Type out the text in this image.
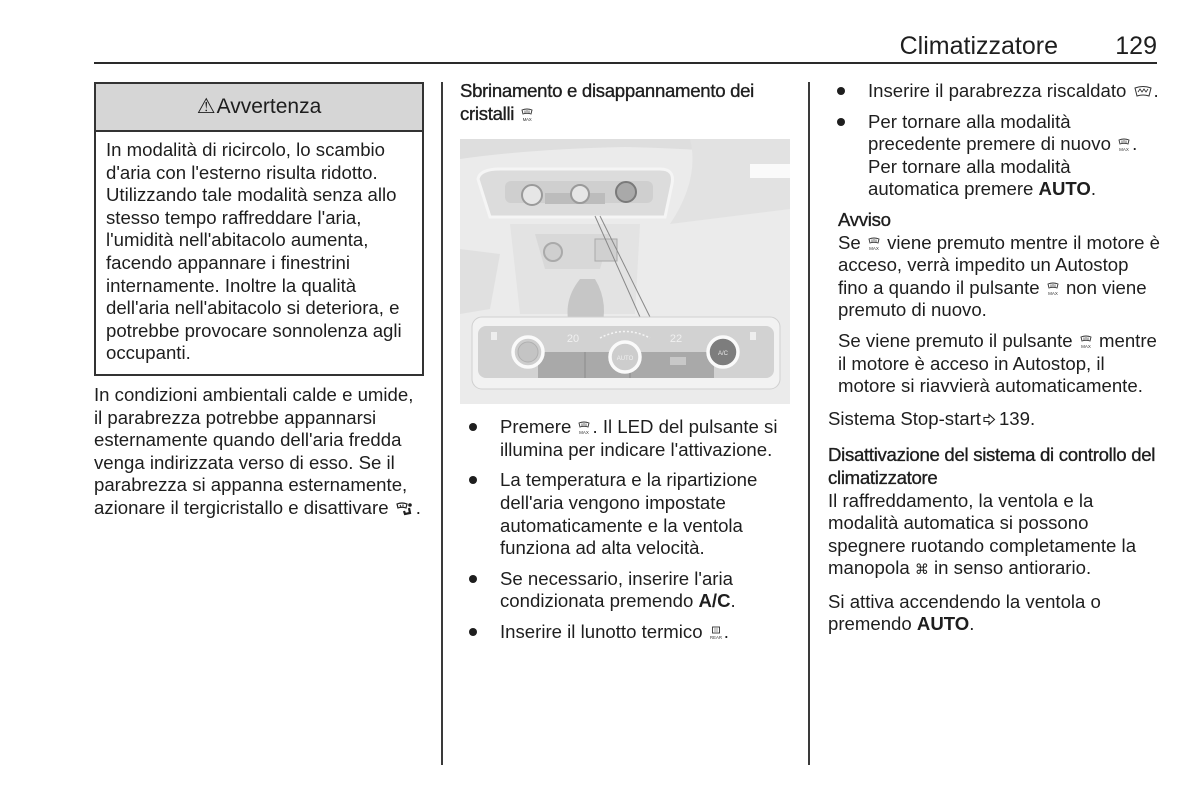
Climatizzatore 129
⚠ Avvertenza
In modalità di ricircolo, lo scambio d'aria con l'esterno risulta ridotto. Utilizzando tale modalità senza allo stesso tempo raffreddare l'aria, l'umidità nell'abitacolo aumenta, facendo appannare i finestrini internamente. Inoltre la qualità dell'aria nell'abitacolo si deteriora, e potrebbe provocare sonnolenza agli occupanti.

In condizioni ambientali calde e umide, il parabrezza potrebbe appannarsi esternamente quando dell'aria fredda venga indirizzata verso di esso. Se il parabrezza si appanna esternamente, azionare il tergicristallo e disattivare .

Sbrinamento e disappannamento dei cristalli MAX

20	22
AUTO
A/C
Premere MAX . Il LED del pulsante si illumina per indicare l'attivazione.
La temperatura e la ripartizione dell'aria vengono impostate automaticamente e la ventola funziona ad alta velocità.
Se necessario, inserire l'aria condizionata premendo A/C.
Inserire il lunotto termico REAR .
Inserire il parabrezza riscaldato .
Per tornare alla modalità precedente premere di nuovo MAX . Per tornare alla modalità automatica premere AUTO.

Avviso

Se MAX viene premuto mentre il motore è acceso, verrà impedito un Autostop fino a quando il pulsante MAX non viene premuto di nuovo.

Se viene premuto il pulsante MAX mentre il motore è acceso in Autostop, il motore si riavvierà automaticamente.

Sistema Stop-start 139.

Disattivazione del sistema di controllo del climatizzatore

Il raffreddamento, la ventola e la modalità automatica si possono spegnere ruotando completamente la manopola ⌘ in senso antiorario.

Si attiva accendendo la ventola o premendo AUTO.
